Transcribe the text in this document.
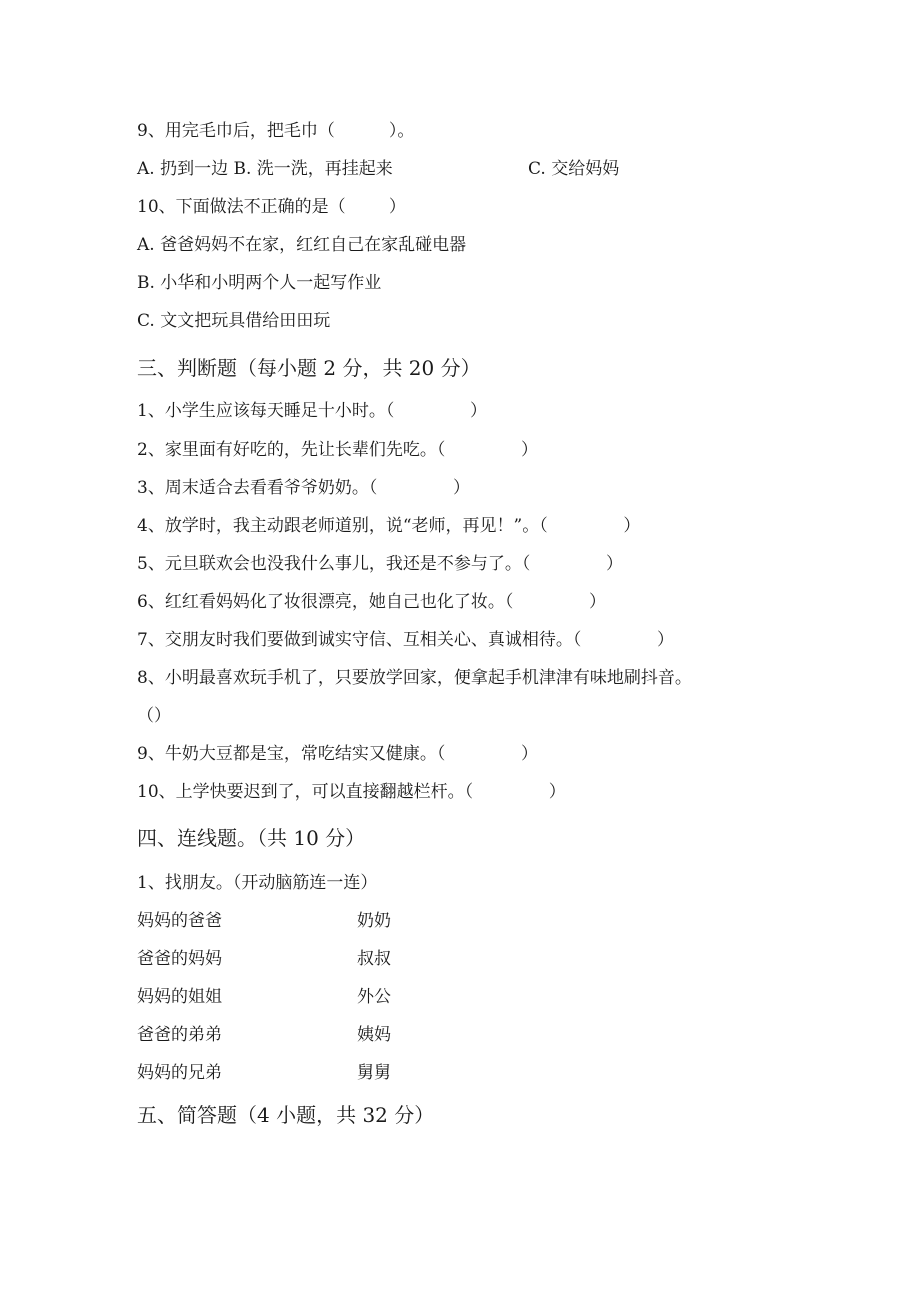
9、用完毛巾后，把毛巾（          ）。
A. 扔到一边 B. 洗一洗，再挂起来	C. 交给妈妈
10、下面做法不正确的是（        ）
A. 爸爸妈妈不在家，红红自己在家乱碰电器
B. 小华和小明两个人一起写作业
C. 文文把玩具借给田田玩
三、判断题（每小题 2 分，共 20 分）
1、小学生应该每天睡足十小时。（              ）
2、家里面有好吃的，先让长辈们先吃。（              ）
3、周末适合去看看爷爷奶奶。（              ）
4、放学时，我主动跟老师道别，说“老师，再见！”。（              ）
5、元旦联欢会也没我什么事儿，我还是不参与了。（              ）
6、红红看妈妈化了妆很漂亮，她自己也化了妆。（              ）
7、交朋友时我们要做到诚实守信、互相关心、真诚相待。（              ）
8、小明最喜欢玩手机了，只要放学回家，便拿起手机津津有味地刷抖音。
（）
9、牛奶大豆都是宝，常吃结实又健康。（              ）
10、上学快要迟到了，可以直接翻越栏杆。（              ）
四、连线题。（共 10 分）
1、找朋友。（开动脑筋连一连）
妈妈的爸爸	奶奶
爸爸的妈妈	叔叔
妈妈的姐姐	外公
爸爸的弟弟	姨妈
妈妈的兄弟	舅舅
五、简答题（4 小题，共 32 分）
